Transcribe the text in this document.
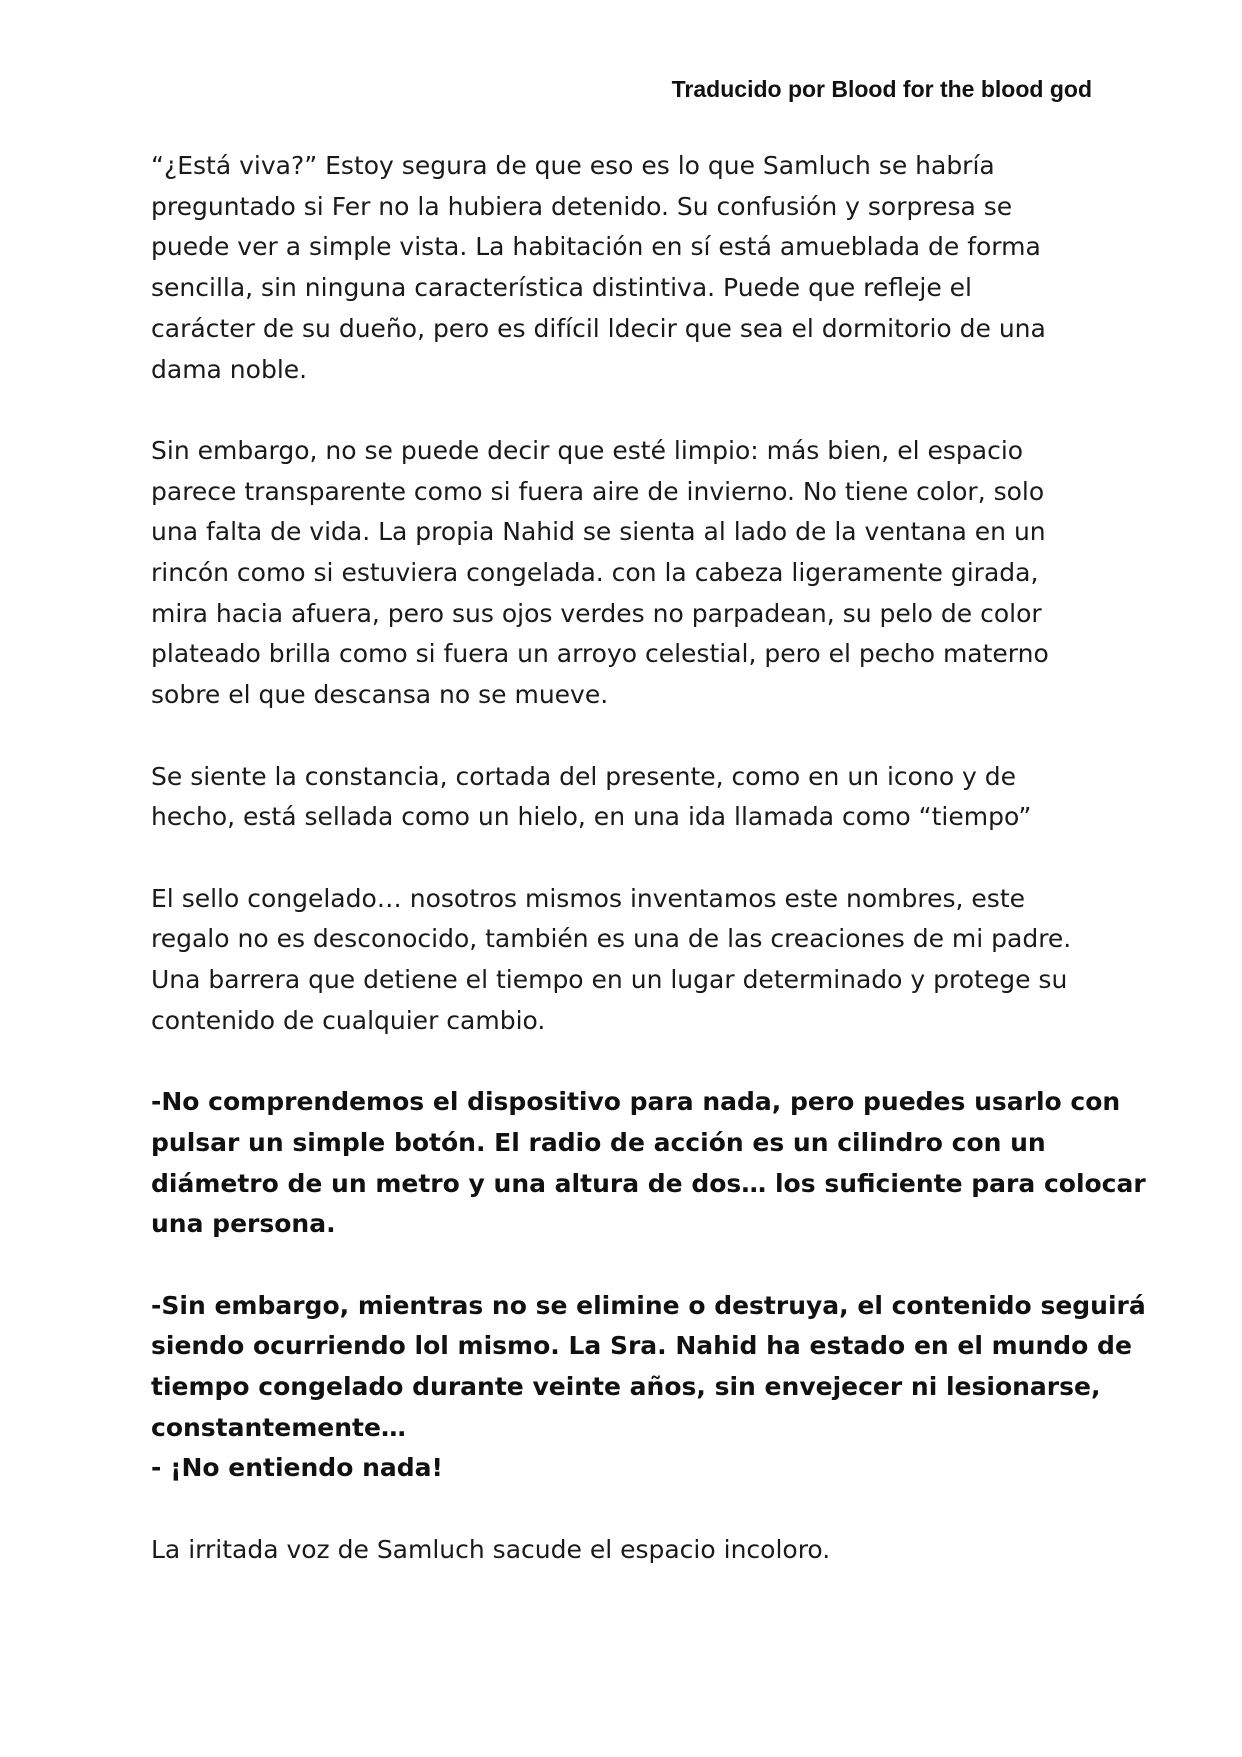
Traducido por Blood for the blood god

“¿Está viva?” Estoy segura de que eso es lo que Samluch se habría
preguntado si Fer no la hubiera detenido. Su confusión y sorpresa se
puede ver a simple vista. La habitación en sí está amueblada de forma
sencilla, sin ninguna característica distintiva. Puede que refleje el
carácter de su dueño, pero es difícil ldecir que sea el dormitorio de una
dama noble.

Sin embargo, no se puede decir que esté limpio: más bien, el espacio
parece transparente como si fuera aire de invierno. No tiene color, solo
una falta de vida. La propia Nahid se sienta al lado de la ventana en un
rincón como si estuviera congelada. con la cabeza ligeramente girada,
mira hacia afuera, pero sus ojos verdes no parpadean, su pelo de color
plateado brilla como si fuera un arroyo celestial, pero el pecho materno
sobre el que descansa no se mueve.

Se siente la constancia, cortada del presente, como en un icono y de
hecho, está sellada como un hielo, en una ida llamada como “tiempo”

El sello congelado… nosotros mismos inventamos este nombres, este
regalo no es desconocido, también es una de las creaciones de mi padre.
Una barrera que detiene el tiempo en un lugar determinado y protege su
contenido de cualquier cambio.

-No comprendemos el dispositivo para nada, pero puedes usarlo con
pulsar un simple botón. El radio de acción es un cilindro con un
diámetro de un metro y una altura de dos… los suficiente para colocar
una persona.

-Sin embargo, mientras no se elimine o destruya, el contenido seguirá
siendo ocurriendo lol mismo. La Sra. Nahid ha estado en el mundo de
tiempo congelado durante veinte años, sin envejecer ni lesionarse,
constantemente…
- ¡No entiendo nada!

La irritada voz de Samluch sacude el espacio incoloro.
